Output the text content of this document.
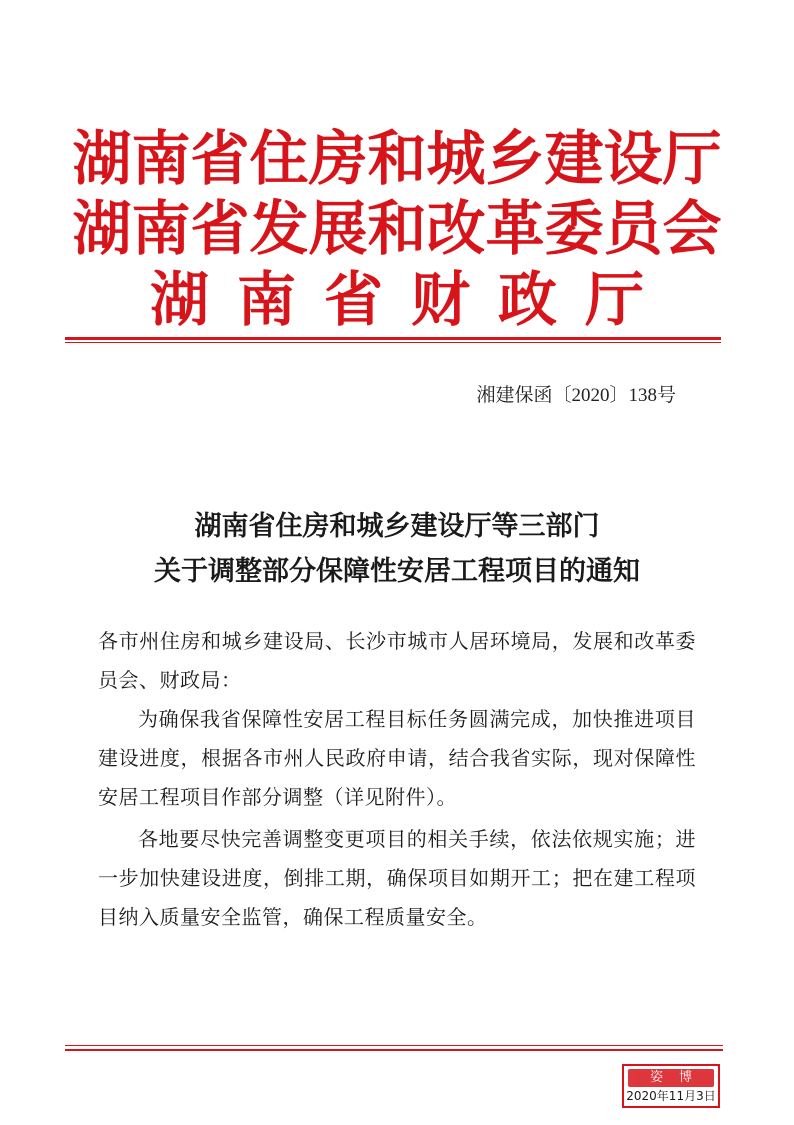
湖南省住房和城乡建设厅
湖南省发展和改革委员会
湖南省财政厅
湘建保函〔2020〕138号
湖南省住房和城乡建设厅等三部门
关于调整部分保障性安居工程项目的通知

各市州住房和城乡建设局、长沙市城市人居环境局，发展和改革委员会、财政局：

为确保我省保障性安居工程目标任务圆满完成，加快推进项目建设进度，根据各市州人民政府申请，结合我省实际，现对保障性安居工程项目作部分调整（详见附件）。

各地要尽快完善调整变更项目的相关手续，依法依规实施；进一步加快建设进度，倒排工期，确保项目如期开工；把在建工程项目纳入质量安全监管，确保工程质量安全。

姿博
2020年11月3日
